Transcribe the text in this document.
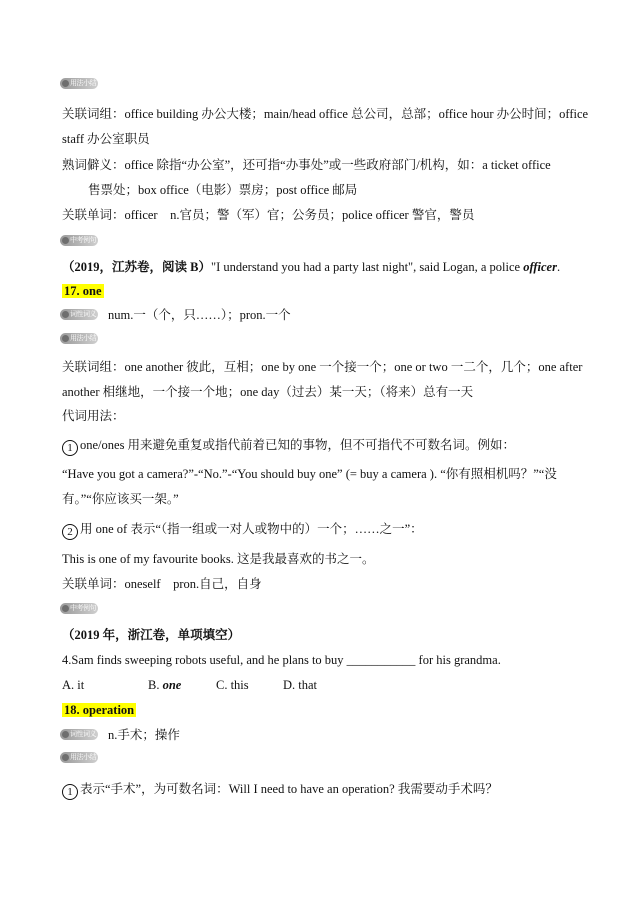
用法小结
关联词组：office building 办公大楼；main/head office 总公司，总部；office hour 办公时间；office
staff 办公室职员
熟词僻义：office 除指“办公室”，还可指“办事处”或一些政府部门/机构，如：a ticket office
售票处；box office（电影）票房；post office 邮局
关联单词：officer　n.官员；警（军）官；公务员；police officer 警官，警员
中考例句
（2019，江苏卷，阅读 B）"I understand you had a party last night", said Logan, a police officer.
17. one
词性词义 num.一（个，只……）；pron.一个
用法小结
关联词组：one another 彼此，互相；one by one 一个接一个；one or two 一二个，几个；one after
another 相继地，一个接一个地；one day（过去）某一天；（将来）总有一天
代词用法：
1 one/ones 用来避免重复或指代前着已知的事物，但不可指代不可数名词。例如：
“Have you got a camera?”-“No.”-“You should buy one” (= buy a camera ). “你有照相机吗？”“没
有。”“你应该买一架。”
2 用 one of 表示“（指一组或一对人或物中的）一个；……之一”：
This is one of my favourite books. 这是我最喜欢的书之一。
关联单词：oneself　pron.自己，自身
中考例句
（2019 年，浙江卷，单项填空）
4.Sam finds sweeping robots useful, and he plans to buy ___________ for his grandma.
A. it	B. one	C. this	D. that
18. operation
词性词义 n.手术；操作
用法小结
1 表示“手术”，为可数名词：Will I need to have an operation? 我需要动手术吗？
